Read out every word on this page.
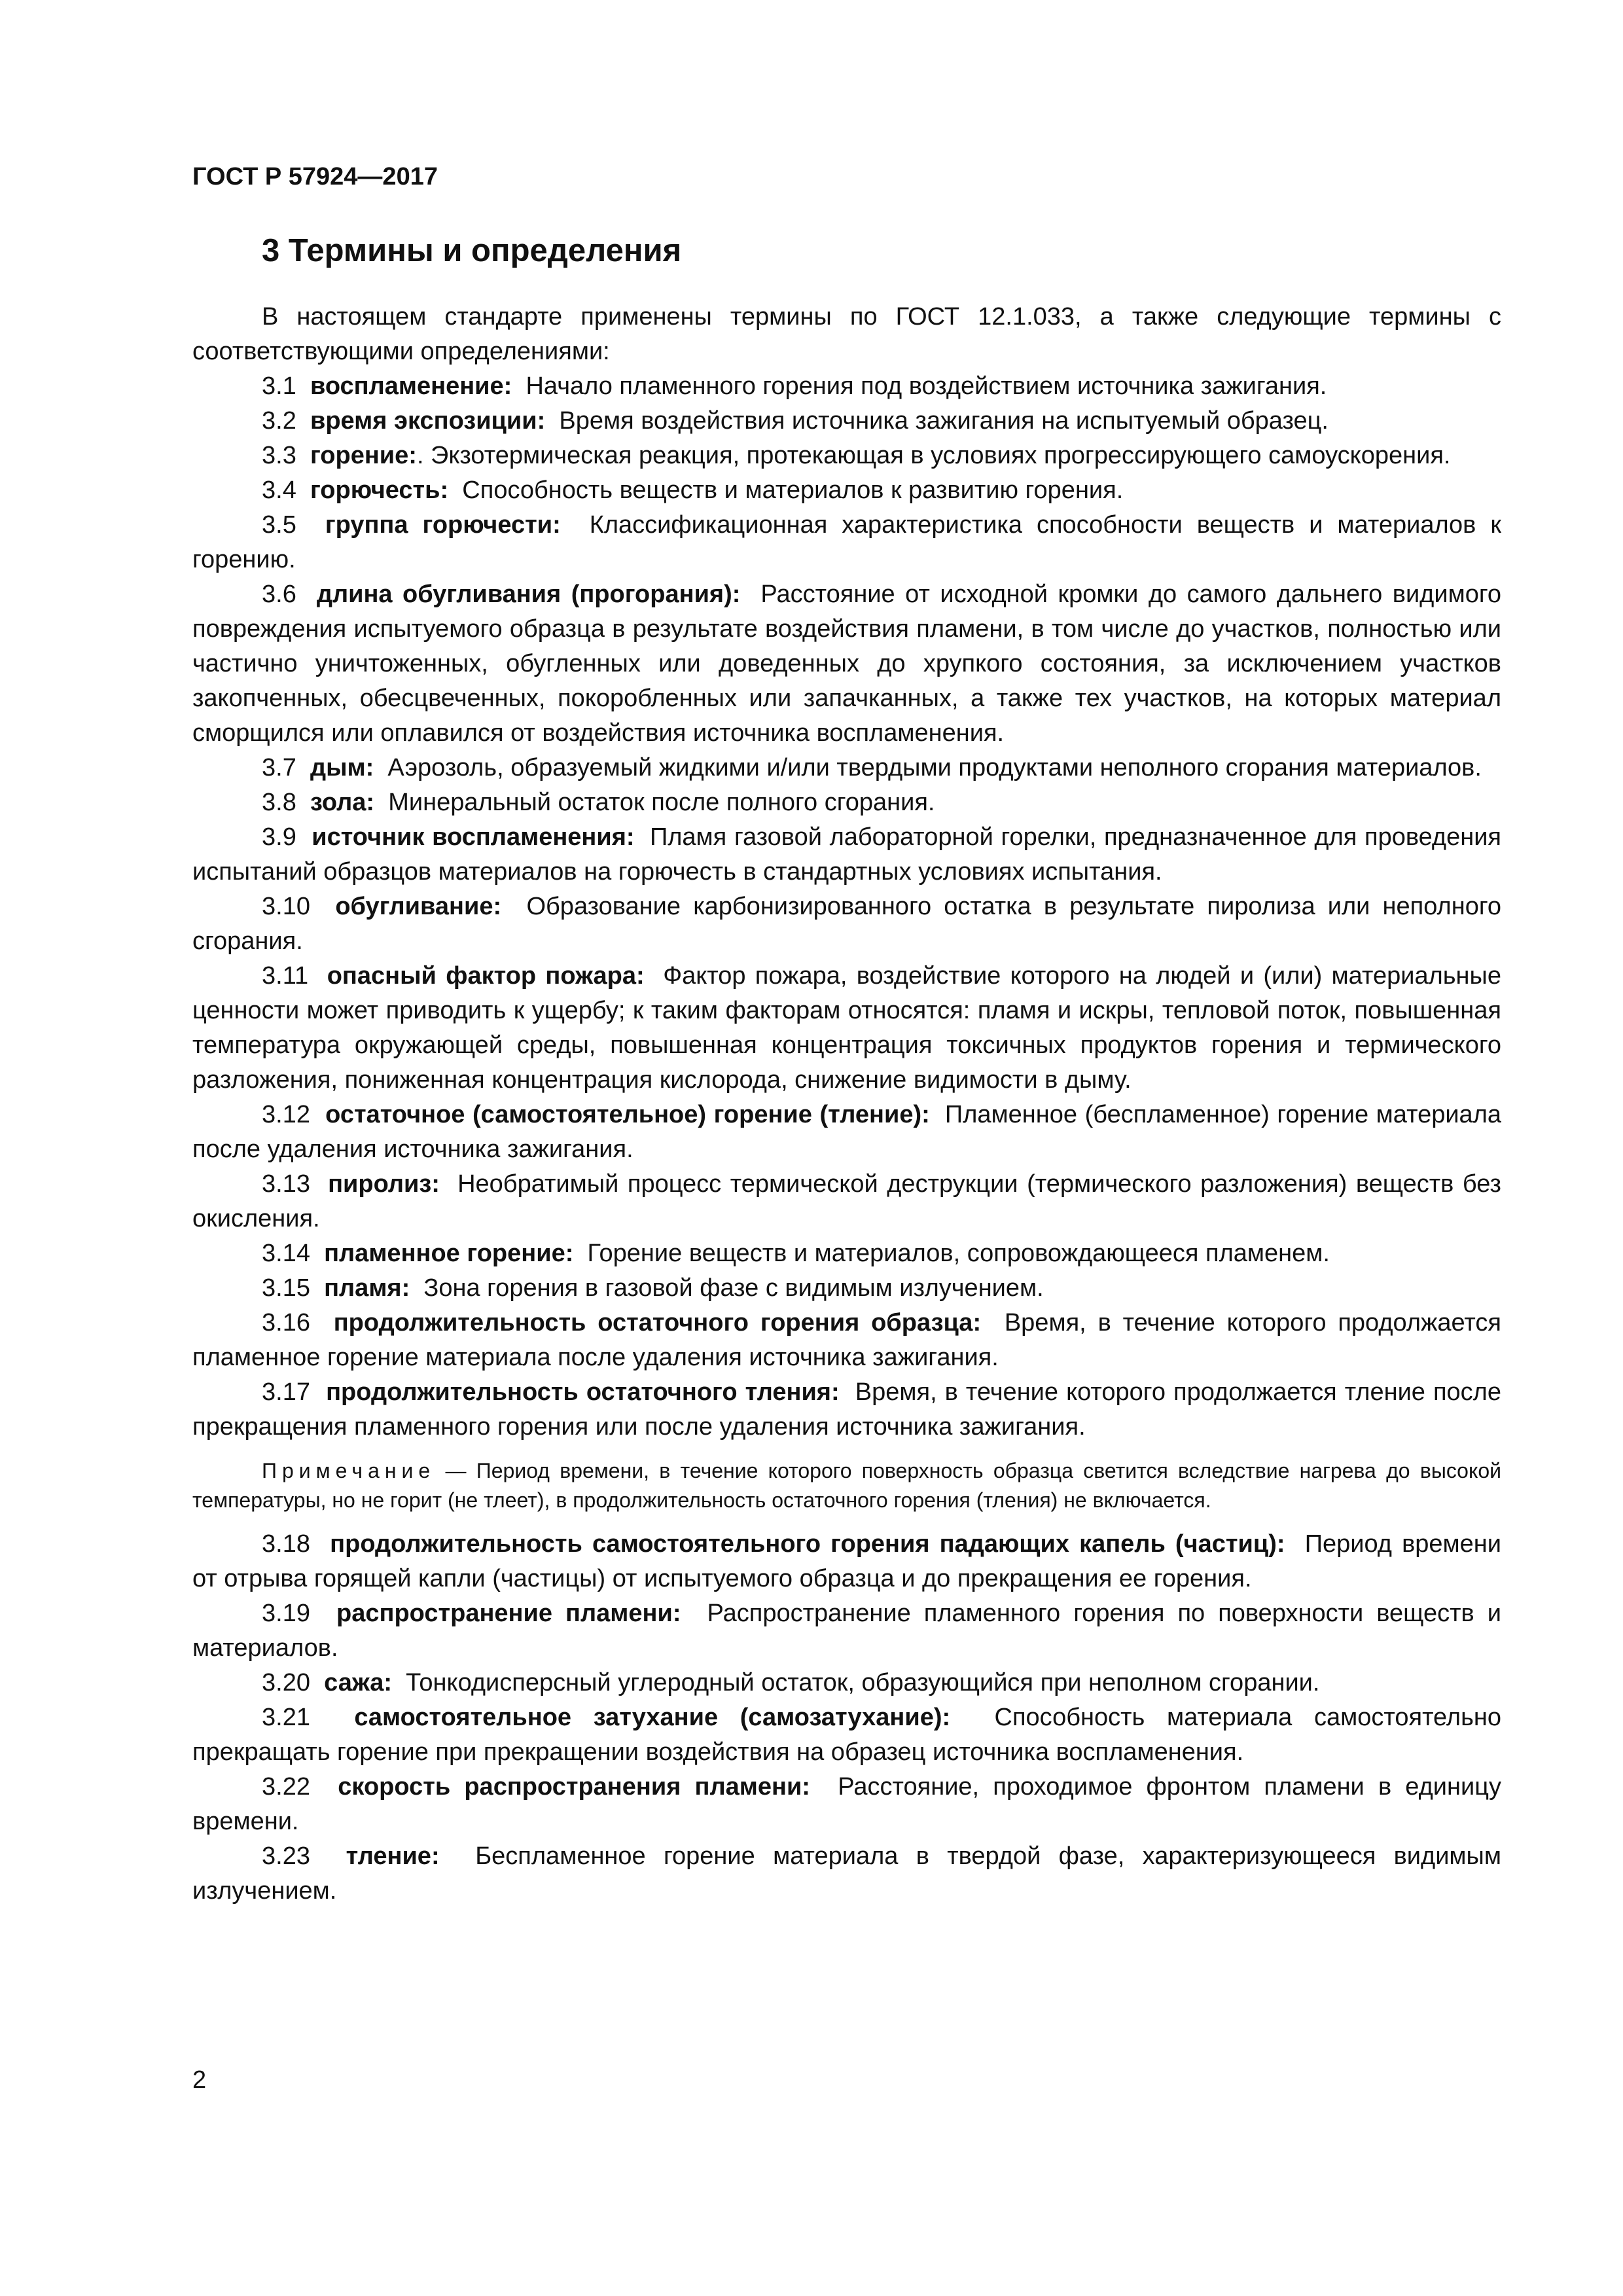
ГОСТ Р 57924—2017
3 Термины и определения

В настоящем стандарте применены термины по ГОСТ 12.1.033, а также следующие термины с соответствующими определениями:

3.1 воспламенение: Начало пламенного горения под воздействием источника зажигания.

3.2 время экспозиции: Время воздействия источника зажигания на испытуемый образец.

3.3 горение:. Экзотермическая реакция, протекающая в условиях прогрессирующего самоускорения.

3.4 горючесть: Способность веществ и материалов к развитию горения.

3.5 группа горючести: Классификационная характеристика способности веществ и материалов к горению.

3.6 длина обугливания (прогорания): Расстояние от исходной кромки до самого дальнего видимого повреждения испытуемого образца в результате воздействия пламени, в том числе до участков, полностью или частично уничтоженных, обугленных или доведенных до хрупкого состояния, за исключением участков закопченных, обесцвеченных, покоробленных или запачканных, а также тех участков, на которых материал сморщился или оплавился от воздействия источника воспламенения.

3.7 дым: Аэрозоль, образуемый жидкими и/или твердыми продуктами неполного сгорания материалов.

3.8 зола: Минеральный остаток после полного сгорания.

3.9 источник воспламенения: Пламя газовой лабораторной горелки, предназначенное для проведения испытаний образцов материалов на горючесть в стандартных условиях испытания.

3.10 обугливание: Образование карбонизированного остатка в результате пиролиза или неполного сгорания.

3.11 опасный фактор пожара: Фактор пожара, воздействие которого на людей и (или) материальные ценности может приводить к ущербу; к таким факторам относятся: пламя и искры, тепловой поток, повышенная температура окружающей среды, повышенная концентрация токсичных продуктов горения и термического разложения, пониженная концентрация кислорода, снижение видимости в дыму.

3.12 остаточное (самостоятельное) горение (тление): Пламенное (беспламенное) горение материала после удаления источника зажигания.

3.13 пиролиз: Необратимый процесс термической деструкции (термического разложения) веществ без окисления.

3.14 пламенное горение: Горение веществ и материалов, сопровождающееся пламенем.

3.15 пламя: Зона горения в газовой фазе с видимым излучением.

3.16 продолжительность остаточного горения образца: Время, в течение которого продолжается пламенное горение материала после удаления источника зажигания.

3.17 продолжительность остаточного тления: Время, в течение которого продолжается тление после прекращения пламенного горения или после удаления источника зажигания.

Примечание — Период времени, в течение которого поверхность образца светится вследствие нагрева до высокой температуры, но не горит (не тлеет), в продолжительность остаточного горения (тления) не включается.

3.18 продолжительность самостоятельного горения падающих капель (частиц): Период времени от отрыва горящей капли (частицы) от испытуемого образца и до прекращения ее горения.

3.19 распространение пламени: Распространение пламенного горения по поверхности веществ и материалов.

3.20 сажа: Тонкодисперсный углеродный остаток, образующийся при неполном сгорании.

3.21 самостоятельное затухание (самозатухание): Способность материала самостоятельно прекращать горение при прекращении воздействия на образец источника воспламенения.

3.22 скорость распространения пламени: Расстояние, проходимое фронтом пламени в единицу времени.

3.23 тление: Беспламенное горение материала в твердой фазе, характеризующееся видимым излучением.

2
